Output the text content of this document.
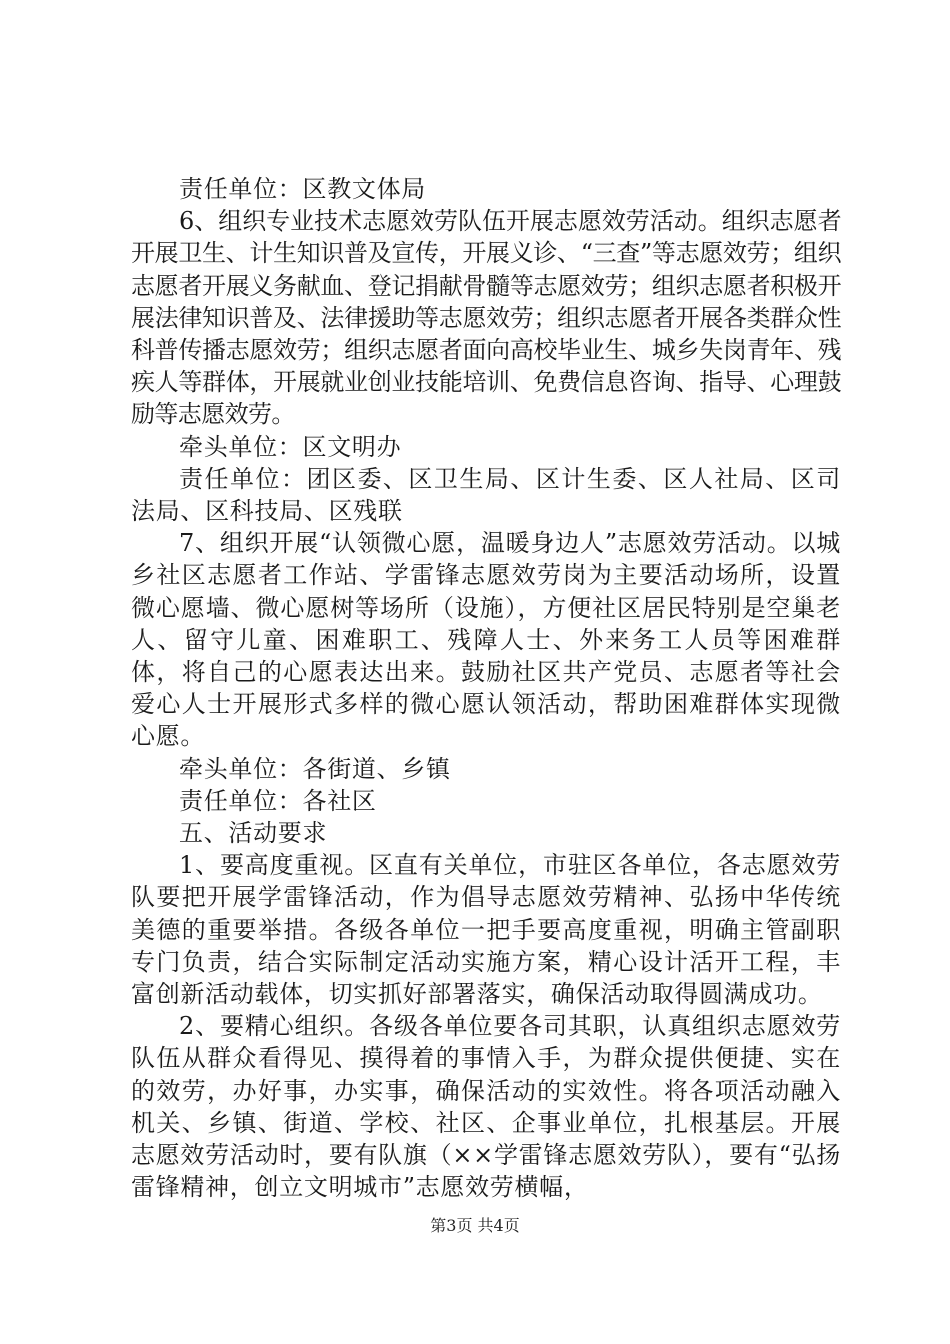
责任单位：区教文体局

6、组织专业技术志愿效劳队伍开展志愿效劳活动。组织志愿者开展卫生、计生知识普及宣传，开展义诊、“三查”等志愿效劳；组织志愿者开展义务献血、登记捐献骨髓等志愿效劳；组织志愿者积极开展法律知识普及、法律援助等志愿效劳；组织志愿者开展各类群众性科普传播志愿效劳；组织志愿者面向高校毕业生、城乡失岗青年、残疾人等群体，开展就业创业技能培训、免费信息咨询、指导、心理鼓励等志愿效劳。

牵头单位：区文明办

责任单位：团区委、区卫生局、区计生委、区人社局、区司法局、区科技局、区残联

7、组织开展“认领微心愿，温暖身边人”志愿效劳活动。以城乡社区志愿者工作站、学雷锋志愿效劳岗为主要活动场所，设置微心愿墙、微心愿树等场所（设施），方便社区居民特别是空巢老人、留守儿童、困难职工、残障人士、外来务工人员等困难群体，将自己的心愿表达出来。鼓励社区共产党员、志愿者等社会爱心人士开展形式多样的微心愿认领活动，帮助困难群体实现微心愿。

牵头单位：各街道、乡镇

责任单位：各社区

五、活动要求

1、要高度重视。区直有关单位，市驻区各单位，各志愿效劳队要把开展学雷锋活动，作为倡导志愿效劳精神、弘扬中华传统美德的重要举措。各级各单位一把手要高度重视，明确主管副职专门负责，结合实际制定活动实施方案，精心设计活开工程，丰富创新活动载体，切实抓好部署落实，确保活动取得圆满成功。

2、要精心组织。各级各单位要各司其职，认真组织志愿效劳队伍从群众看得见、摸得着的事情入手，为群众提供便捷、实在的效劳，办好事，办实事，确保活动的实效性。将各项活动融入机关、乡镇、街道、学校、社区、企事业单位，扎根基层。开展志愿效劳活动时，要有队旗（××学雷锋志愿效劳队），要有“弘扬雷锋精神，创立文明城市”志愿效劳横幅，

第3页 共4页
